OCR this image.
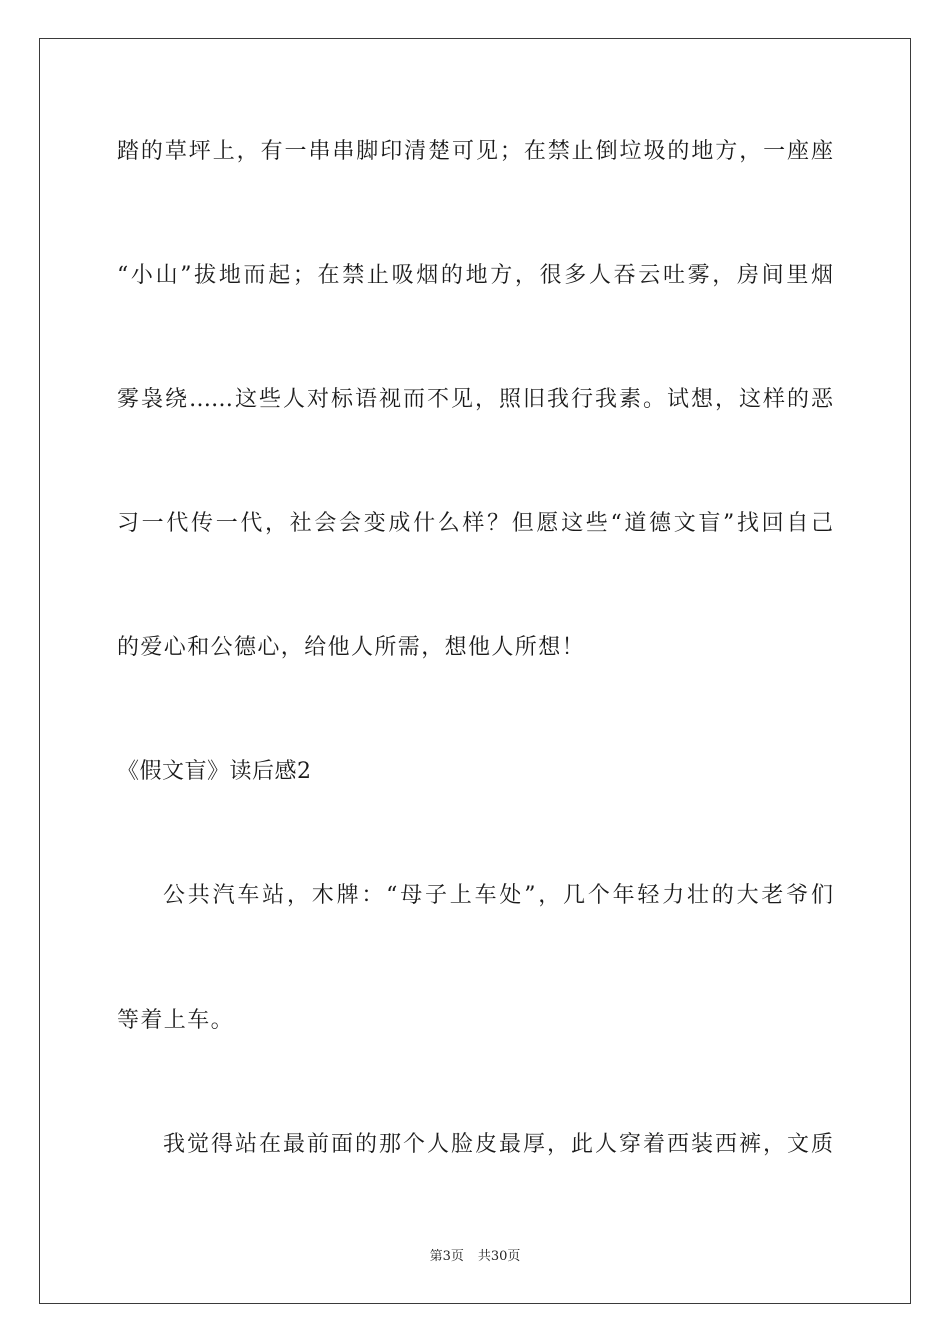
踏的草坪上，有一串串脚印清楚可见；在禁止倒垃圾的地方，一座座
“小山”拔地而起；在禁止吸烟的地方，很多人吞云吐雾，房间里烟
雾袅绕……这些人对标语视而不见，照旧我行我素。试想，这样的恶
习一代传一代，社会会变成什么样？但愿这些“道德文盲”找回自己
的爱心和公德心，给他人所需，想他人所想！
《假文盲》读后感2
公共汽车站，木牌：“母子上车处”，几个年轻力壮的大老爷们
等着上车。
我觉得站在最前面的那个人脸皮最厚，此人穿着西装西裤，文质
第3页 共30页
